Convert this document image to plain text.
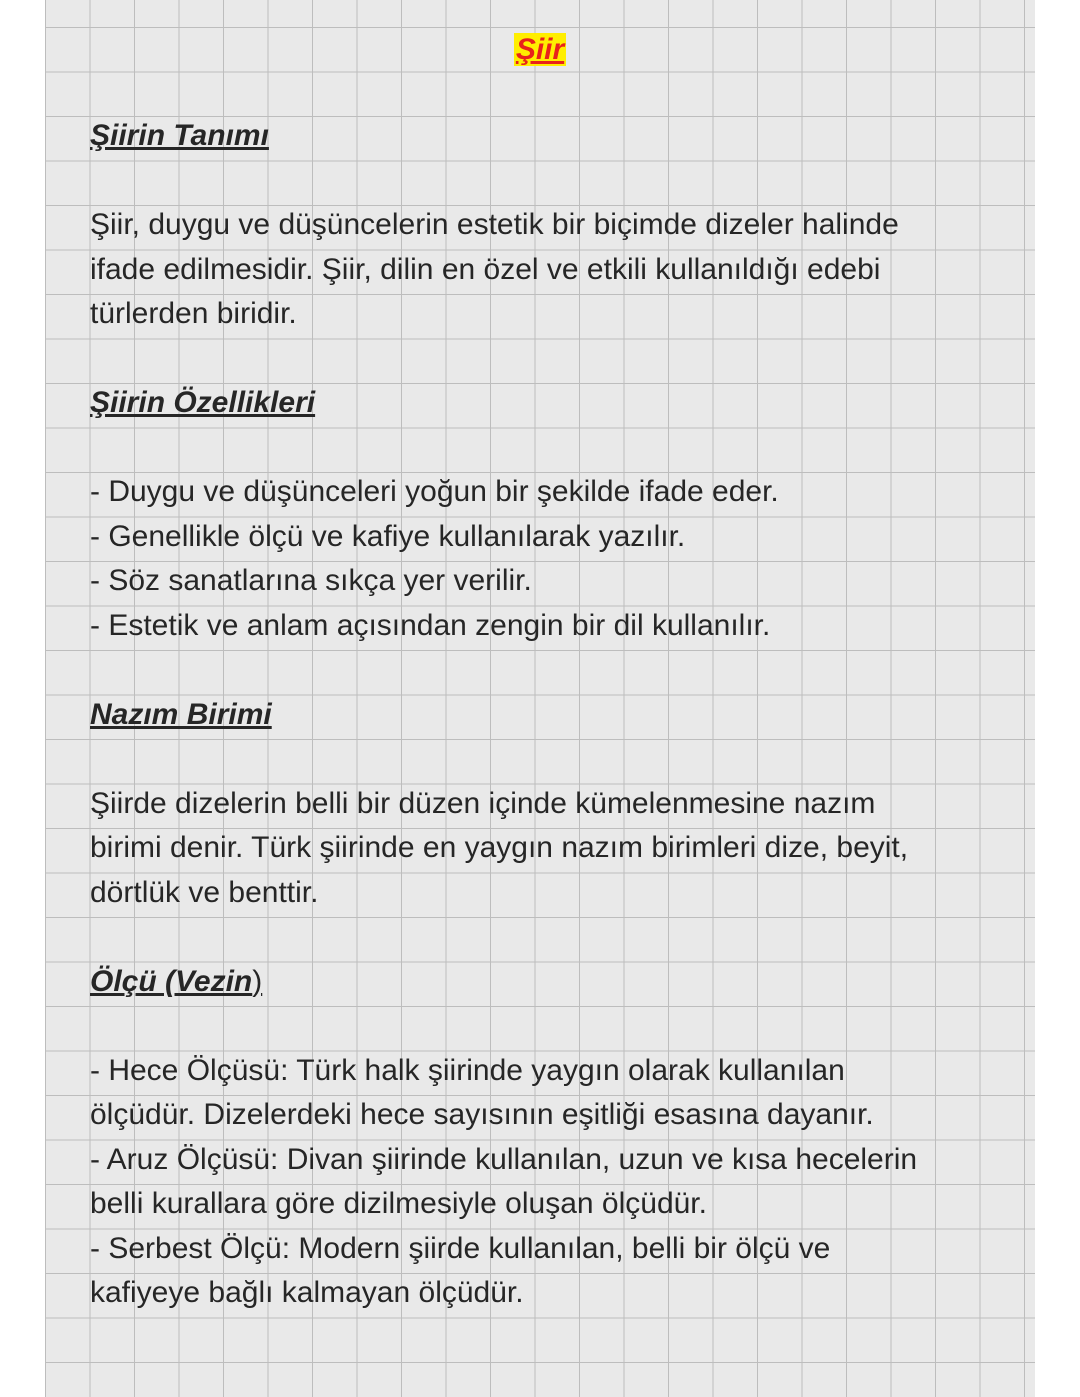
Şiir

Şiirin Tanımı

Şiir, duygu ve düşüncelerin estetik bir biçimde dizeler halinde
ifade edilmesidir. Şiir, dilin en özel ve etkili kullanıldığı edebi
türlerden biridir.

Şiirin Özellikleri

- Duygu ve düşünceleri yoğun bir şekilde ifade eder.
- Genellikle ölçü ve kafiye kullanılarak yazılır.
- Söz sanatlarına sıkça yer verilir.
- Estetik ve anlam açısından zengin bir dil kullanılır.

Nazım Birimi

Şiirde dizelerin belli bir düzen içinde kümelenmesine nazım
birimi denir. Türk şiirinde en yaygın nazım birimleri dize, beyit,
dörtlük ve benttir.

Ölçü (Vezin)

- Hece Ölçüsü: Türk halk şiirinde yaygın olarak kullanılan
ölçüdür. Dizelerdeki hece sayısının eşitliği esasına dayanır.
- Aruz Ölçüsü: Divan şiirinde kullanılan, uzun ve kısa hecelerin
belli kurallara göre dizilmesiyle oluşan ölçüdür.
- Serbest Ölçü: Modern şiirde kullanılan, belli bir ölçü ve
kafiyeye bağlı kalmayan ölçüdür.
